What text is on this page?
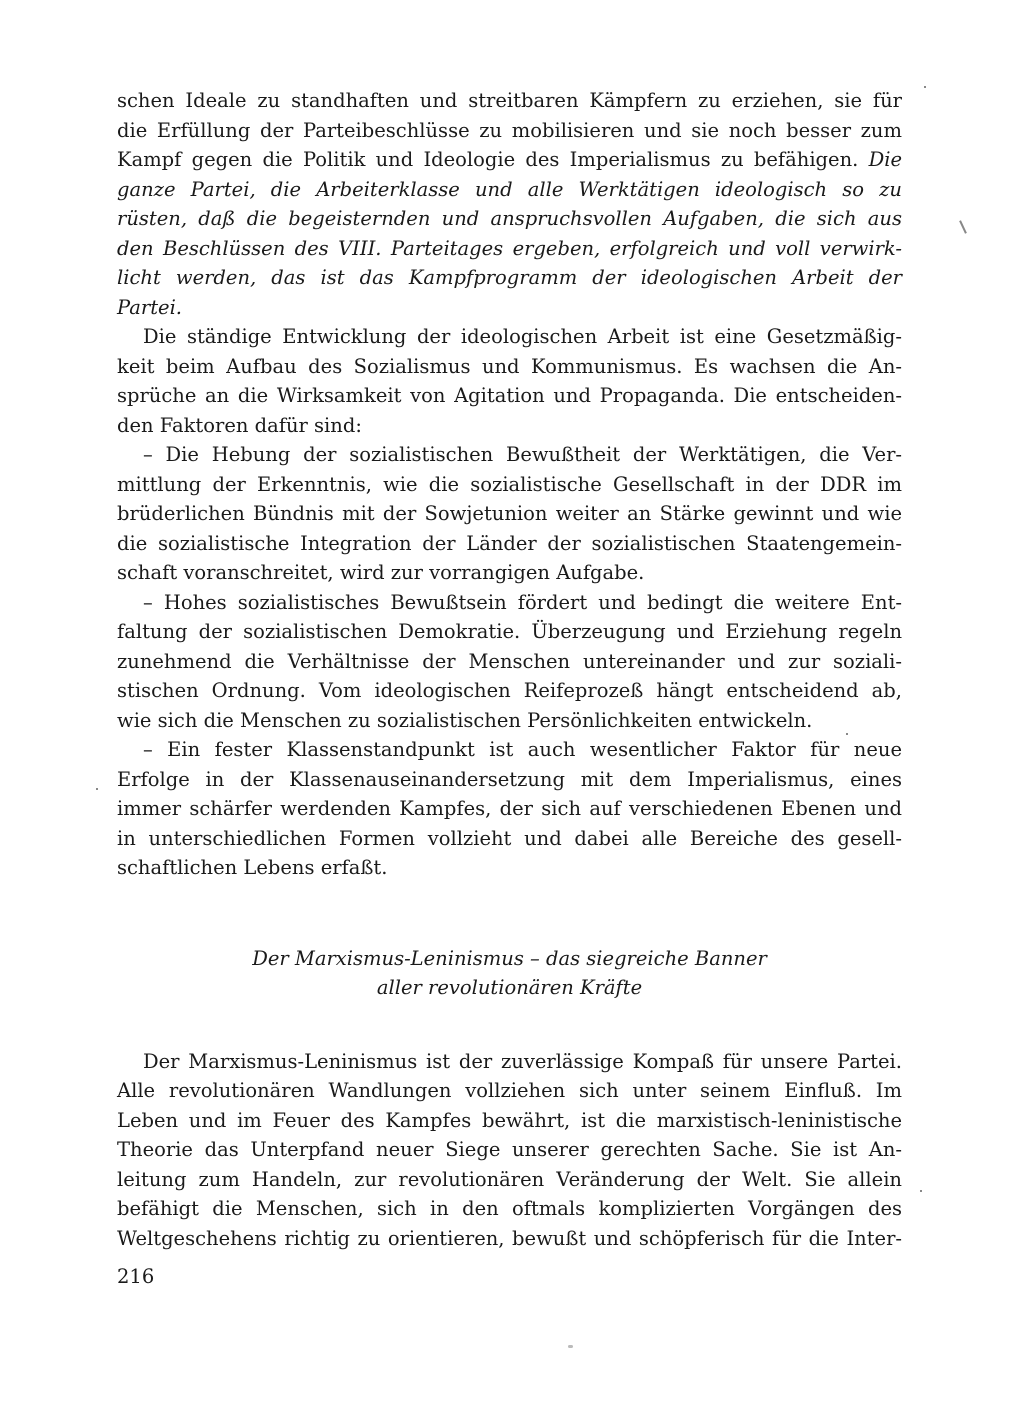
schen Ideale zu standhaften und streitbaren Kämpfern zu erziehen, sie für
die Erfüllung der Parteibeschlüsse zu mobilisieren und sie noch besser zum
Kampf gegen die Politik und Ideologie des Imperialismus zu befähigen. Die
ganze Partei, die Arbeiterklasse und alle Werktätigen ideologisch so zu
rüsten, daß die begeisternden und anspruchsvollen Aufgaben, die sich aus
den Beschlüssen des VIII. Parteitages ergeben, erfolgreich und voll verwirk-
licht werden, das ist das Kampfprogramm der ideologischen Arbeit der
Partei.
Die ständige Entwicklung der ideologischen Arbeit ist eine Gesetzmäßig-
keit beim Aufbau des Sozialismus und Kommunismus. Es wachsen die An-
sprüche an die Wirksamkeit von Agitation und Propaganda. Die entscheiden-
den Faktoren dafür sind:
– Die Hebung der sozialistischen Bewußtheit der Werktätigen, die Ver-
mittlung der Erkenntnis, wie die sozialistische Gesellschaft in der DDR im
brüderlichen Bündnis mit der Sowjetunion weiter an Stärke gewinnt und wie
die sozialistische Integration der Länder der sozialistischen Staatengemein-
schaft voranschreitet, wird zur vorrangigen Aufgabe.
– Hohes sozialistisches Bewußtsein fördert und bedingt die weitere Ent-
faltung der sozialistischen Demokratie. Überzeugung und Erziehung regeln
zunehmend die Verhältnisse der Menschen untereinander und zur soziali-
stischen Ordnung. Vom ideologischen Reifeprozeß hängt entscheidend ab,
wie sich die Menschen zu sozialistischen Persönlichkeiten entwickeln.
– Ein fester Klassenstandpunkt ist auch wesentlicher Faktor für neue
Erfolge in der Klassenauseinandersetzung mit dem Imperialismus, eines
immer schärfer werdenden Kampfes, der sich auf verschiedenen Ebenen und
in unterschiedlichen Formen vollzieht und dabei alle Bereiche des gesell-
schaftlichen Lebens erfaßt.
Der Marxismus-Leninismus – das siegreiche Banner
aller revolutionären Kräfte
Der Marxismus-Leninismus ist der zuverlässige Kompaß für unsere Partei.
Alle revolutionären Wandlungen vollziehen sich unter seinem Einfluß. Im
Leben und im Feuer des Kampfes bewährt, ist die marxistisch-leninistische
Theorie das Unterpfand neuer Siege unserer gerechten Sache. Sie ist An-
leitung zum Handeln, zur revolutionären Veränderung der Welt. Sie allein
befähigt die Menschen, sich in den oftmals komplizierten Vorgängen des
Weltgeschehens richtig zu orientieren, bewußt und schöpferisch für die Inter-
216
